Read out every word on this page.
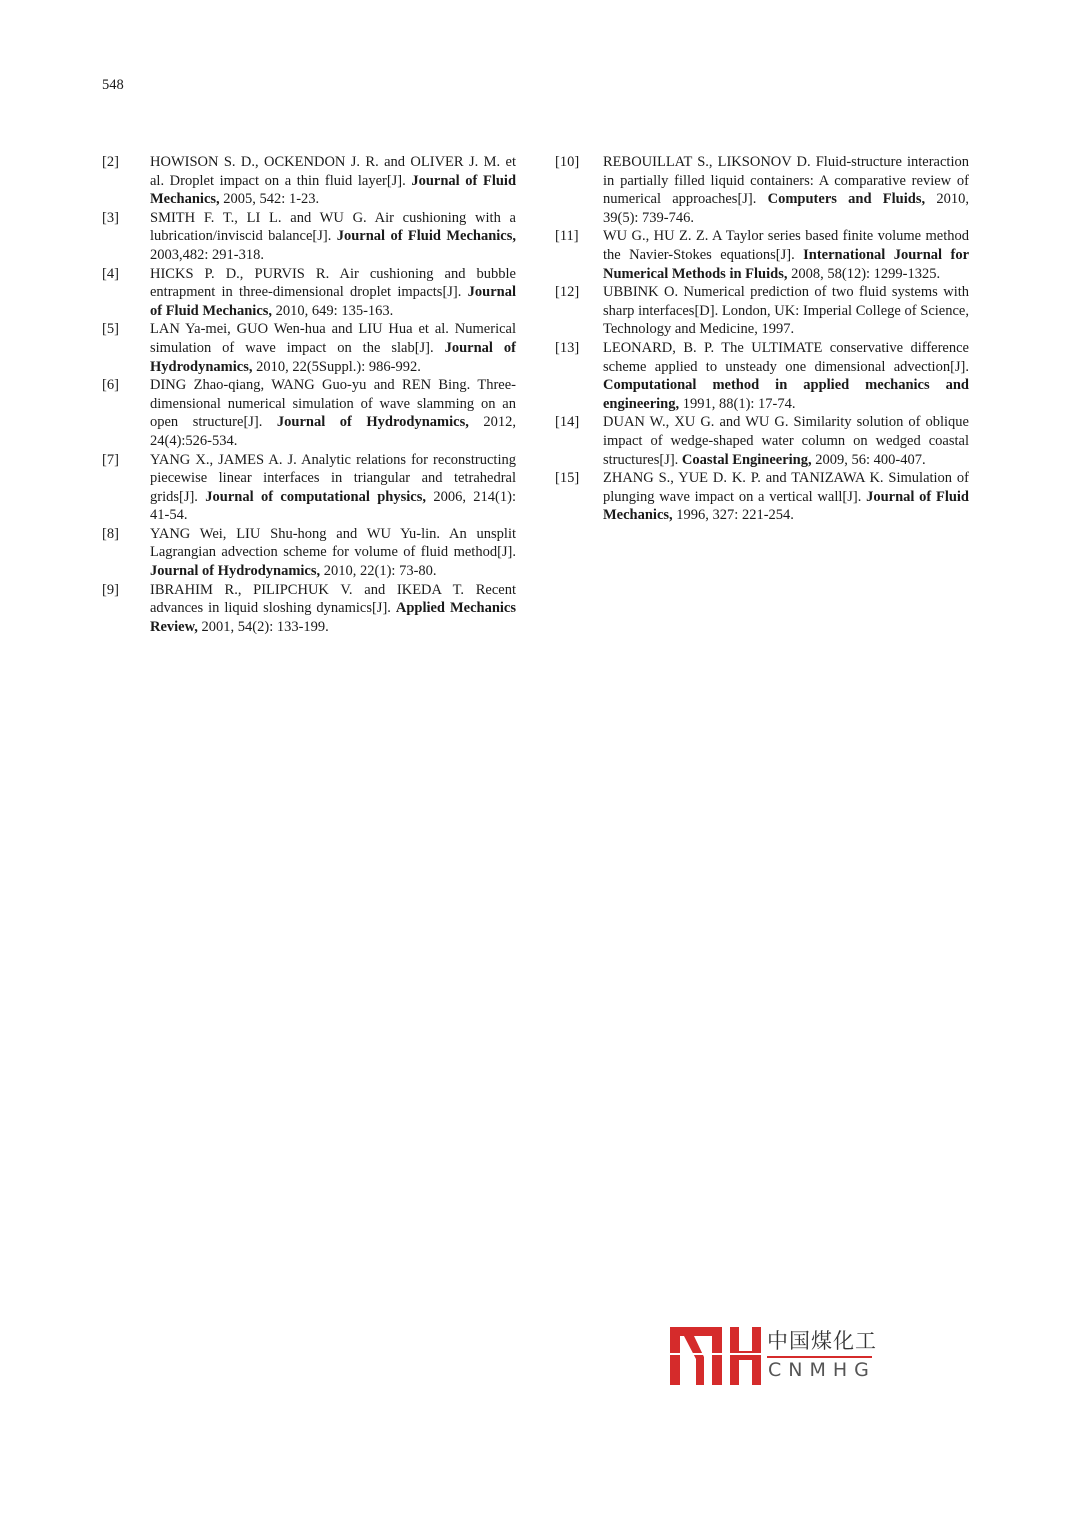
548
[2]	HOWISON S. D., OCKENDON J. R. and OLIVER J. M. et al. Droplet impact on a thin fluid layer[J]. Journal of Fluid Mechanics, 2005, 542: 1-23.
[3]	SMITH F. T., LI L. and WU G. Air cushioning with a lubrication/inviscid balance[J]. Journal of Fluid Mechanics, 2003,482: 291-318.
[4]	HICKS P. D., PURVIS R. Air cushioning and bubble entrapment in three-dimensional droplet impacts[J]. Journal of Fluid Mechanics, 2010, 649: 135-163.
[5]	LAN Ya-mei, GUO Wen-hua and LIU Hua et al. Numerical simulation of wave impact on the slab[J]. Journal of Hydrodynamics, 2010, 22(5Suppl.): 986-992.
[6]	DING Zhao-qiang, WANG Guo-yu and REN Bing. Three-dimensional numerical simulation of wave slamming on an open structure[J]. Journal of Hydrodynamics, 2012, 24(4):526-534.
[7]	YANG X., JAMES A. J. Analytic relations for reconstructing piecewise linear interfaces in triangular and tetrahedral grids[J]. Journal of computational physics, 2006, 214(1): 41-54.
[8]	YANG Wei, LIU Shu-hong and WU Yu-lin. An unsplit Lagrangian advection scheme for volume of fluid method[J]. Journal of Hydrodynamics, 2010, 22(1): 73-80.
[9]	IBRAHIM R., PILIPCHUK V. and IKEDA T. Recent advances in liquid sloshing dynamics[J]. Applied Mechanics Review, 2001, 54(2): 133-199.
[10]	REBOUILLAT S., LIKSONOV D. Fluid-structure interaction in partially filled liquid containers: A comparative review of numerical approaches[J]. Computers and Fluids, 2010, 39(5): 739-746.
[11]	WU G., HU Z. Z. A Taylor series based finite volume method the Navier-Stokes equations[J]. International Journal for Numerical Methods in Fluids, 2008, 58(12): 1299-1325.
[12]	UBBINK O. Numerical prediction of two fluid systems with sharp interfaces[D]. London, UK: Imperial College of Science, Technology and Medicine, 1997.
[13]	LEONARD, B. P. The ULTIMATE conservative difference scheme applied to unsteady one dimensional advection[J]. Computational method in applied mechanics and engineering, 1991, 88(1): 17-74.
[14]	DUAN W., XU G. and WU G. Similarity solution of oblique impact of wedge-shaped water column on wedged coastal structures[J]. Coastal Engineering, 2009, 56: 400-407.
[15]	ZHANG S., YUE D. K. P. and TANIZAWA K. Simulation of plunging wave impact on a vertical wall[J]. Journal of Fluid Mechanics, 1996, 327: 221-254.
中国煤化工
CNMHG
